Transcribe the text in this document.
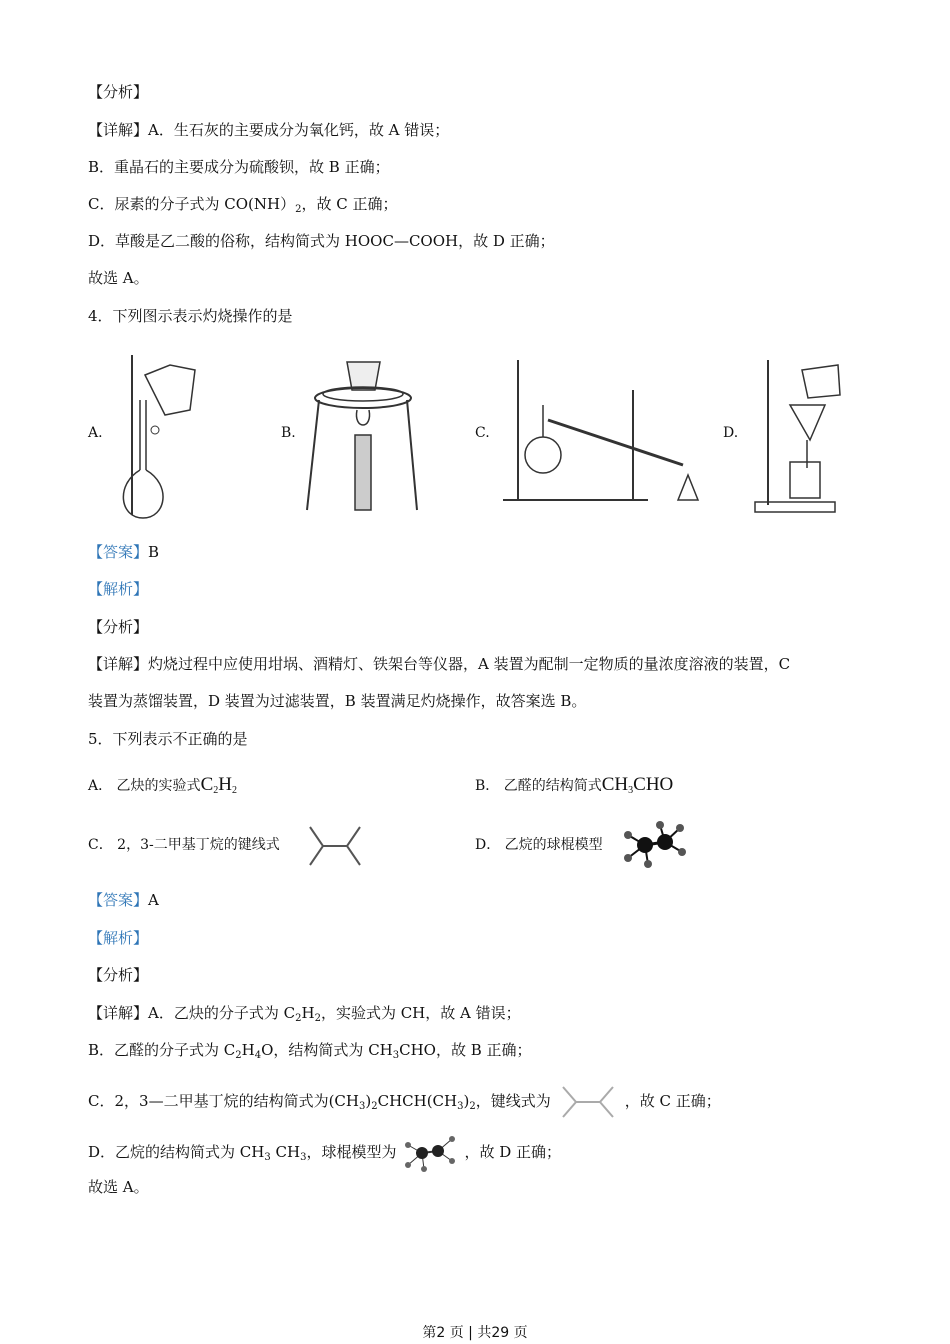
【分析】
【详解】A．生石灰的主要成分为氧化钙，故 A 错误；
B．重晶石的主要成分为硫酸钡，故 B 正确；
C．尿素的分子式为 $CO(NH)_2$，故 C 正确；
D．草酸是乙二酸的俗称，结构简式为 HOOC—COOH，故 D 正确；
故选 A。
4．下列图示表示灼烧操作的是
A.	B.	C.	D.
【答案】B
【解析】
【分析】
【详解】灼烧过程中应使用坩埚、酒精灯、铁架台等仪器，A 装置为配制一定物质的量浓度溶液的装置，C
装置为蒸馏装置，D 装置为过滤装置，B 装置满足灼烧操作，故答案选 B。
5．下列表示不正确的是
A． 乙炔的实验式$C_2H_2$	B． 乙醛的结构简式$CH_3CHO$
C． 2，3-二甲基丁烷的键线式	D． 乙烷的球棍模型
【答案】A
【解析】
【分析】
【详解】A．乙炔的分子式为 $C_2H_2$，实验式为 CH，故 A 错误；
B．乙醛的分子式为 $C_2H_4O$，结构简式为 $CH_3CHO$，故 B 正确；
C．2，3—二甲基丁烷的结构简式为$(CH_3)_2CHCH(CH_3)_2$，键线式为	，故 C 正确；
D．乙烷的结构简式为 $CH_3$ $CH_3$，球棍模型为	，故 D 正确；
故选 A。
第2 页 | 共29 页
